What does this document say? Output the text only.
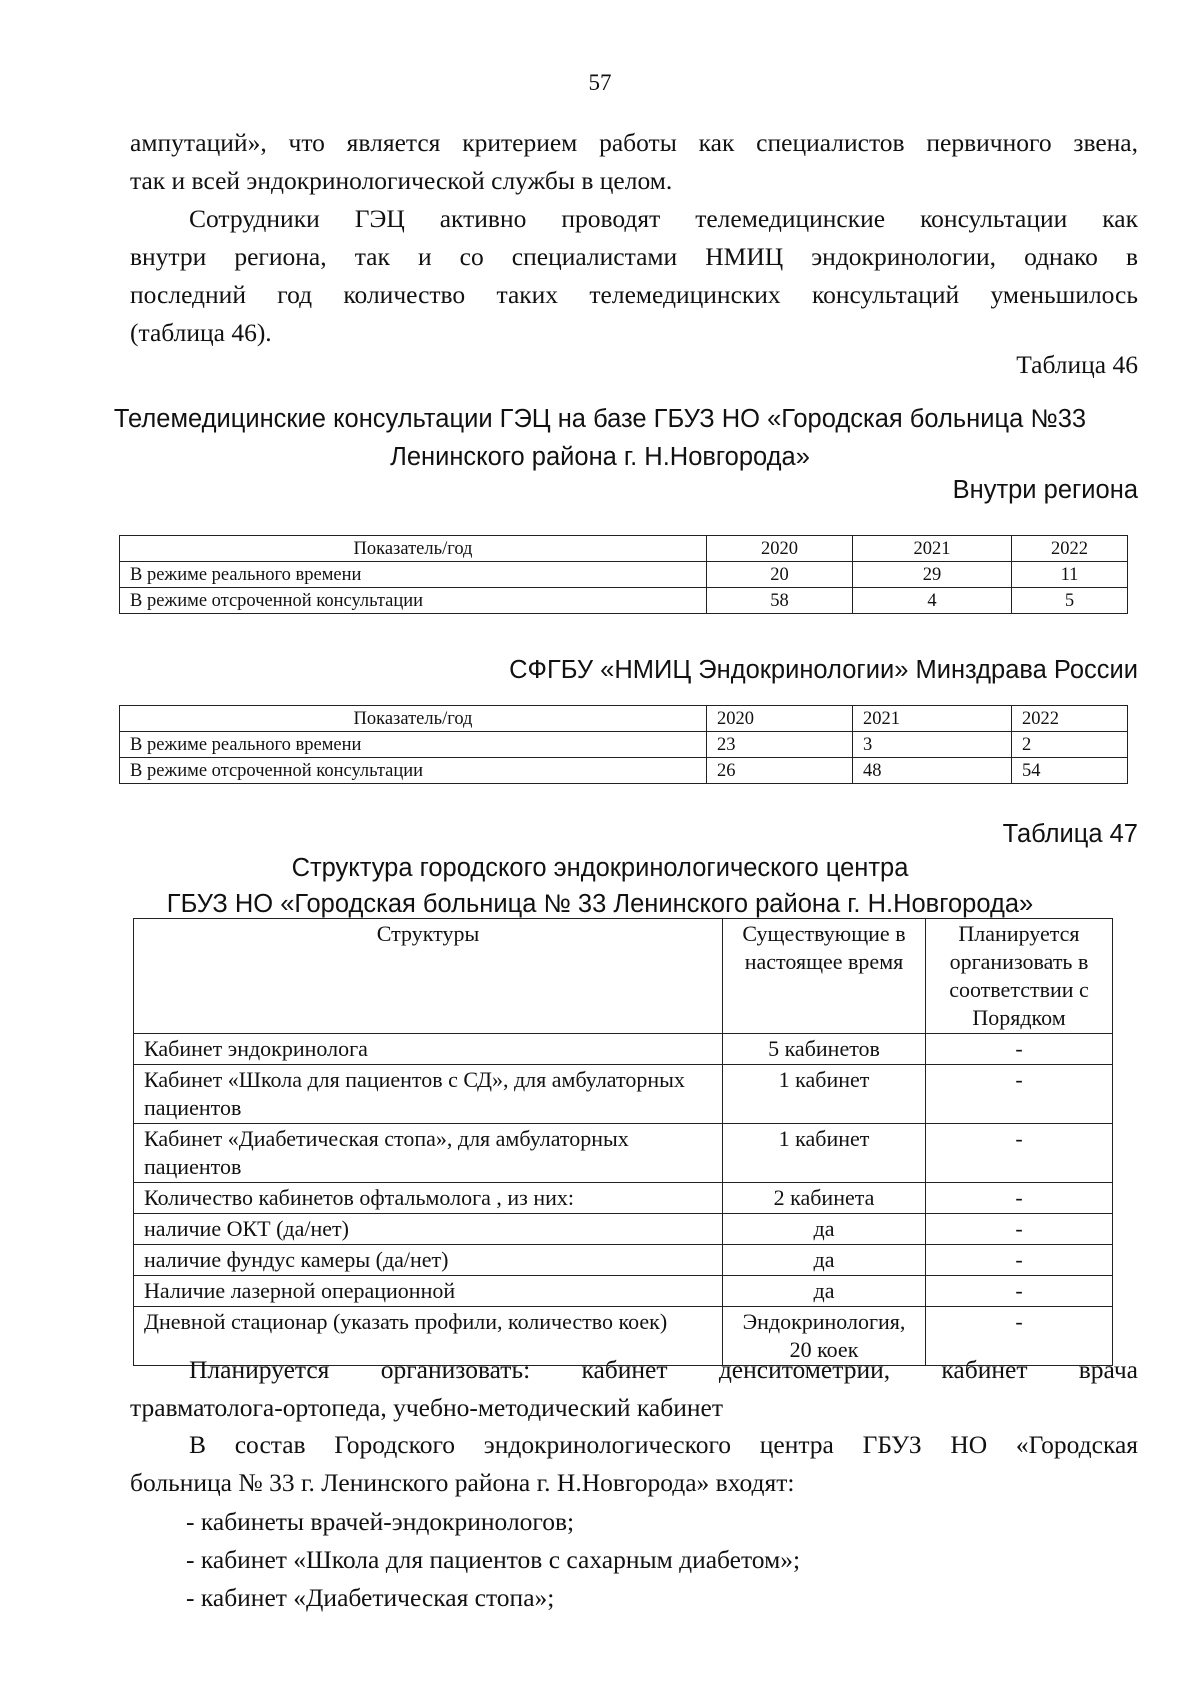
57
ампутаций», что является критерием работы как специалистов первичного звена,
так и всей эндокринологической службы в целом.
Сотрудники ГЭЦ активно проводят телемедицинские консультации как
внутри региона, так и со специалистами НМИЦ эндокринологии, однако в
последний год количество таких телемедицинских консультаций уменьшилось
(таблица 46).
Таблица 46
Телемедицинские консультации ГЭЦ на базе ГБУЗ НО «Городская больница №33
Ленинского района г. Н.Новгорода»
Внутри региона
Показатель/год	2020	2021	2022
В режиме реального времени	20	29	11
В режиме отсроченной консультации	58	4	5
СФГБУ «НМИЦ Эндокринологии» Минздрава России
Показатель/год	2020	2021	2022
В режиме реального времени	23	3	2
В режиме отсроченной консультации	26	48	54
Таблица 47
Структура городского эндокринологического центра
ГБУЗ НО «Городская больница № 33 Ленинского района г. Н.Новгорода»
Структуры	Существующие в настоящее время	Планируется организовать в соответствии с Порядком
Кабинет эндокринолога	5 кабинетов	-
Кабинет «Школа для пациентов с СД», для амбулаторных пациентов	1 кабинет	-
Кабинет «Диабетическая стопа», для амбулаторных пациентов	1 кабинет	-
Количество кабинетов офтальмолога , из них:	2 кабинета	-
наличие ОКТ (да/нет)	да	-
наличие фундус камеры (да/нет)	да	-
Наличие лазерной операционной	да	-
Дневной стационар (указать профили, количество коек)	Эндокринология, 20 коек	-
Планируется организовать: кабинет денситометрии, кабинет врача
травматолога-ортопеда, учебно-методический кабинет
В состав Городского эндокринологического центра ГБУЗ НО «Городская
больница № 33 г. Ленинского района г. Н.Новгорода» входят:
- кабинеты врачей-эндокринологов;
- кабинет «Школа для пациентов с сахарным диабетом»;
- кабинет «Диабетическая стопа»;
